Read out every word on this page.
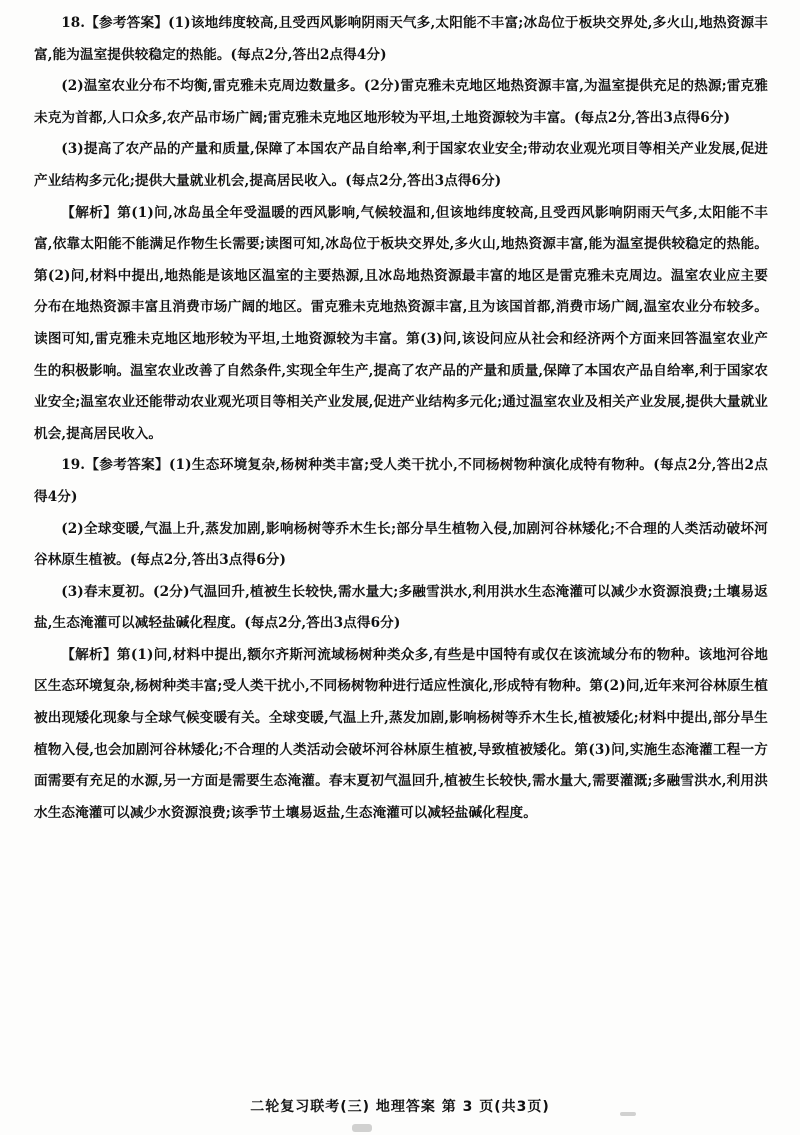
18.【参考答案】(1)该地纬度较高,且受西风影响阴雨天气多,太阳能不丰富;冰岛位于板块交界处,多火山,地热资源丰富,能为温室提供较稳定的热能。(每点2分,答出2点得4分)

(2)温室农业分布不均衡,雷克雅未克周边数量多。(2分)雷克雅未克地区地热资源丰富,为温室提供充足的热源;雷克雅未克为首都,人口众多,农产品市场广阔;雷克雅未克地区地形较为平坦,土地资源较为丰富。(每点2分,答出3点得6分)

(3)提高了农产品的产量和质量,保障了本国农产品自给率,利于国家农业安全;带动农业观光项目等相关产业发展,促进产业结构多元化;提供大量就业机会,提高居民收入。(每点2分,答出3点得6分)

【解析】第(1)问,冰岛虽全年受温暖的西风影响,气候较温和,但该地纬度较高,且受西风影响阴雨天气多,太阳能不丰富,依靠太阳能不能满足作物生长需要;读图可知,冰岛位于板块交界处,多火山,地热资源丰富,能为温室提供较稳定的热能。第(2)问,材料中提出,地热能是该地区温室的主要热源,且冰岛地热资源最丰富的地区是雷克雅未克周边。温室农业应主要分布在地热资源丰富且消费市场广阔的地区。雷克雅未克地热资源丰富,且为该国首都,消费市场广阔,温室农业分布较多。读图可知,雷克雅未克地区地形较为平坦,土地资源较为丰富。第(3)问,该设问应从社会和经济两个方面来回答温室农业产生的积极影响。温室农业改善了自然条件,实现全年生产,提高了农产品的产量和质量,保障了本国农产品自给率,利于国家农业安全;温室农业还能带动农业观光项目等相关产业发展,促进产业结构多元化;通过温室农业及相关产业发展,提供大量就业机会,提高居民收入。

19.【参考答案】(1)生态环境复杂,杨树种类丰富;受人类干扰小,不同杨树物种演化成特有物种。(每点2分,答出2点得4分)

(2)全球变暖,气温上升,蒸发加剧,影响杨树等乔木生长;部分旱生植物入侵,加剧河谷林矮化;不合理的人类活动破坏河谷林原生植被。(每点2分,答出3点得6分)

(3)春末夏初。(2分)气温回升,植被生长较快,需水量大;多融雪洪水,利用洪水生态淹灌可以减少水资源浪费;土壤易返盐,生态淹灌可以减轻盐碱化程度。(每点2分,答出3点得6分)

【解析】第(1)问,材料中提出,额尔齐斯河流域杨树种类众多,有些是中国特有或仅在该流域分布的物种。该地河谷地区生态环境复杂,杨树种类丰富;受人类干扰小,不同杨树物种进行适应性演化,形成特有物种。第(2)问,近年来河谷林原生植被出现矮化现象与全球气候变暖有关。全球变暖,气温上升,蒸发加剧,影响杨树等乔木生长,植被矮化;材料中提出,部分旱生植物入侵,也会加剧河谷林矮化;不合理的人类活动会破坏河谷林原生植被,导致植被矮化。第(3)问,实施生态淹灌工程一方面需要有充足的水源,另一方面是需要生态淹灌。春末夏初气温回升,植被生长较快,需水量大,需要灌溉;多融雪洪水,利用洪水生态淹灌可以减少水资源浪费;该季节土壤易返盐,生态淹灌可以减轻盐碱化程度。

二轮复习联考(三) 地理答案 第 3 页(共3页)
